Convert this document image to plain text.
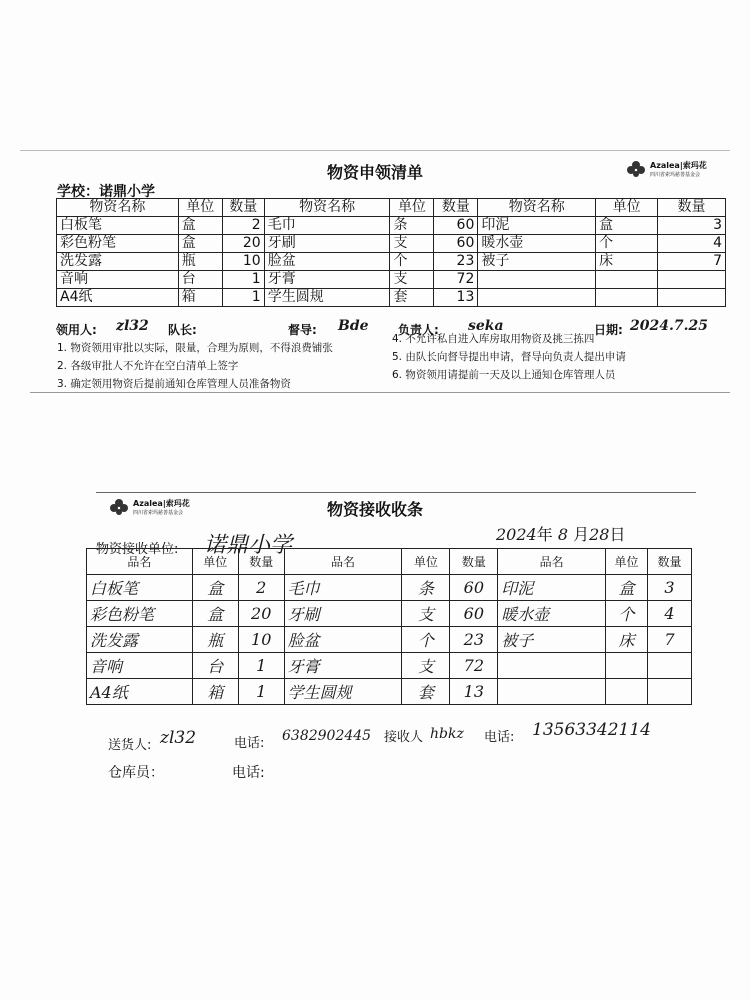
物资申领清单	Azalea|索玛花
四川省索玛慈善基金会
学校：诺鼎小学
物资名称	单位	数量	物资名称	单位	数量	物资名称	单位	数量
白板笔	盒	2	毛巾	条	60	印泥	盒	3
彩色粉笔	盒	20	牙刷	支	60	暖水壶	个	4
洗发露	瓶	10	脸盆	个	23	被子	床	7
音响	台	1	牙膏	支	72			
A4纸	箱	1	学生圆规	套	13			
领用人: zl32 队长:	督导: Bde 负责人: seka	日期: 2024.7.25
1. 物资领用审批以实际，限量，合理为原则，不得浪费铺张
2. 各级审批人不允许在空白清单上签字
3. 确定领用物资后提前通知仓库管理人员准备物资
4. 不允许私自进入库房取用物资及挑三拣四
5. 由队长向督导提出申请，督导向负责人提出申请
6. 物资领用请提前一天及以上通知仓库管理人员
Azalea|索玛花
四川省索玛慈善基金会	物资接收收条
物资接收单位: 诺鼎小学	2024年 8 月28日
品名	单位	数量	品名	单位	数量	品名	单位	数量
白板笔	盒	2	毛巾	条	60	印泥	盒	3
彩色粉笔	盒	20	牙刷	支	60	暖水壶	个	4
洗发露	瓶	10	脸盆	个	23	被子	床	7
音响	台	1	牙膏	支	72			
A4纸	箱	1	学生圆规	套	13			
送货人: zl32	电话: 6382902445 接收人 hbkz 电话: 13563342114
仓库员：	电话:
